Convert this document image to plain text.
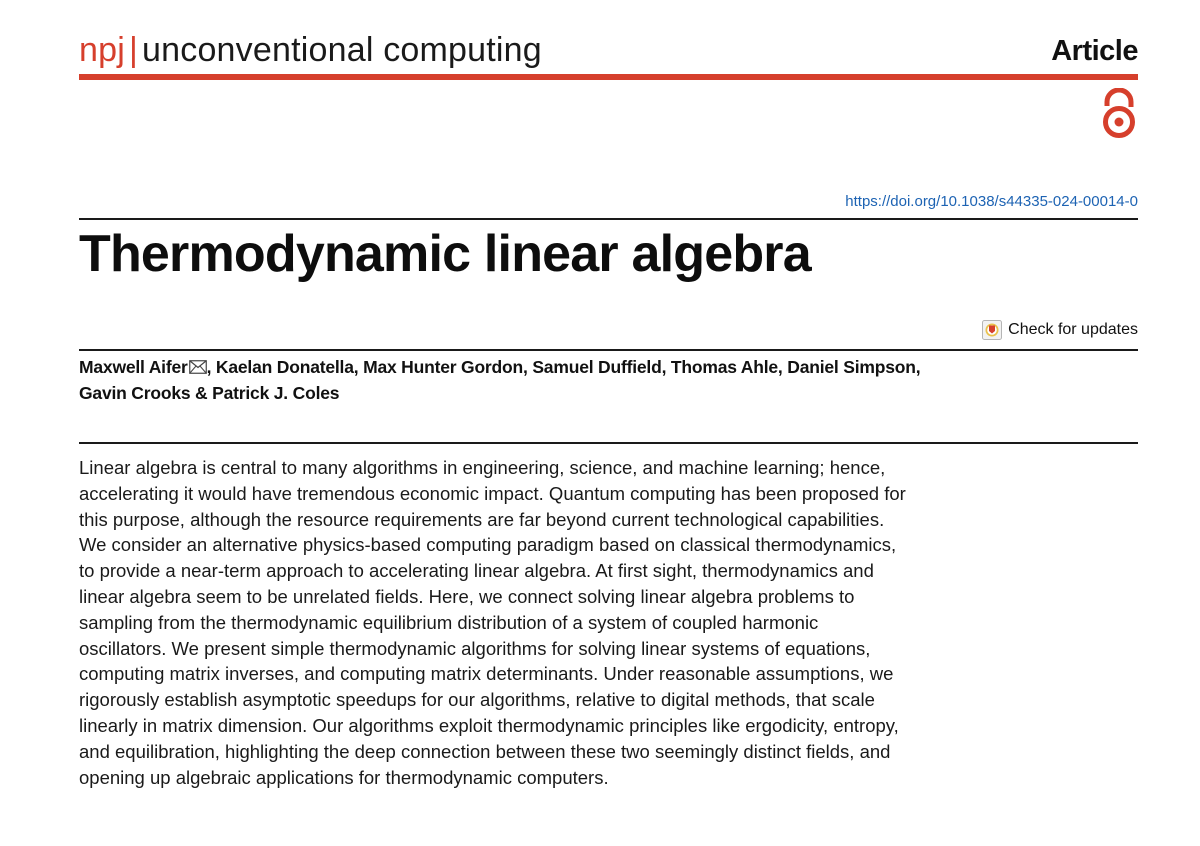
npj | unconventional computing	Article
https://doi.org/10.1038/s44335-024-00014-0
Thermodynamic linear algebra
Check for updates
Maxwell Aifer , Kaelan Donatella, Max Hunter Gordon, Samuel Duffield, Thomas Ahle, Daniel Simpson,
Gavin Crooks & Patrick J. Coles
Linear algebra is central to many algorithms in engineering, science, and machine learning; hence,
accelerating it would have tremendous economic impact. Quantum computing has been proposed for
this purpose, although the resource requirements are far beyond current technological capabilities.
We consider an alternative physics-based computing paradigm based on classical thermodynamics,
to provide a near-term approach to accelerating linear algebra. At first sight, thermodynamics and
linear algebra seem to be unrelated fields. Here, we connect solving linear algebra problems to
sampling from the thermodynamic equilibrium distribution of a system of coupled harmonic
oscillators. We present simple thermodynamic algorithms for solving linear systems of equations,
computing matrix inverses, and computing matrix determinants. Under reasonable assumptions, we
rigorously establish asymptotic speedups for our algorithms, relative to digital methods, that scale
linearly in matrix dimension. Our algorithms exploit thermodynamic principles like ergodicity, entropy,
and equilibration, highlighting the deep connection between these two seemingly distinct fields, and
opening up algebraic applications for thermodynamic computers.
